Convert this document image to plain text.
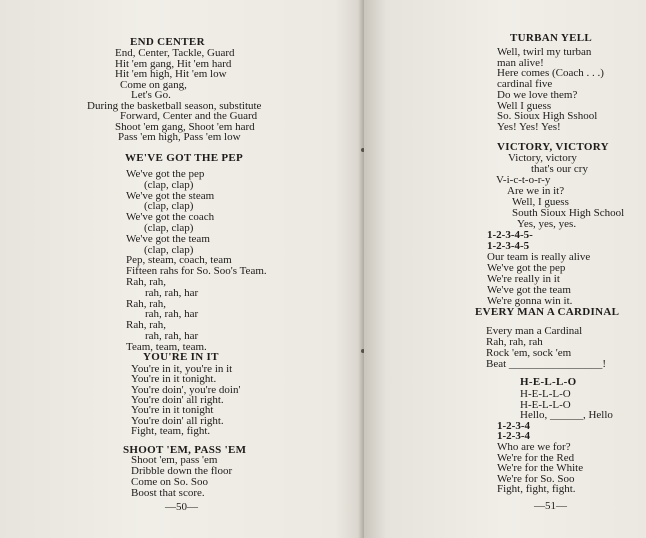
END CENTER
End, Center, Tackle, Guard
Hit 'em gang, Hit 'em hard
Hit 'em high, Hit 'em low
Come on gang,
Let's Go.
During the basketball season, substitute
Forward, Center and the Guard
Shoot 'em gang, Shoot 'em hard
Pass 'em high, Pass 'em low
WE'VE GOT THE PEP
We've got the pep
(clap, clap)
We've got the steam
(clap, clap)
We've got the coach
(clap, clap)
We've got the team
(clap, clap)
Pep, steam, coach, team
Fifteen rahs for So. Soo's Team.
Rah, rah,
rah, rah, har
Rah, rah,
rah, rah, har
Rah, rah,
rah, rah, har
Team, team, team.
YOU'RE IN IT
You're in it, you're in it
You're in it tonight.
You're doin', you're doin'
You're doin' all right.
You're in it tonight
You're doin' all right.
Fight, team, fight.
SHOOT 'EM, PASS 'EM
Shoot 'em, pass 'em
Dribble down the floor
Come on So. Soo
Boost that score.
—50—
TURBAN YELL
Well, twirl my turban
man alive!
Here comes (Coach . . .)
cardinal five
Do we love them?
Well I guess
So. Sioux High Sshool
Yes! Yes! Yes!
VICTORY, VICTORY
Victory, victory
that's our cry
V-i-c-t-o-r-y
Are we in it?
Well, I guess
South Sioux High School
Yes, yes, yes.
1-2-3-4-5-
1-2-3-4-5
Our team is really alive
We've got the pep
We're really in it
We've got the team
We're gonna win it.
EVERY MAN A CARDINAL
Every man a Cardinal
Rah, rah, rah
Rock 'em, sock 'em
Beat _________________!
H-E-L-L-O
H-E-L-L-O
H-E-L-L-O
Hello, ______, Hello
1-2-3-4
1-2-3-4
Who are we for?
We're for the Red
We're for the White
We're for So. Soo
Fight, fight, fight.
—51—
